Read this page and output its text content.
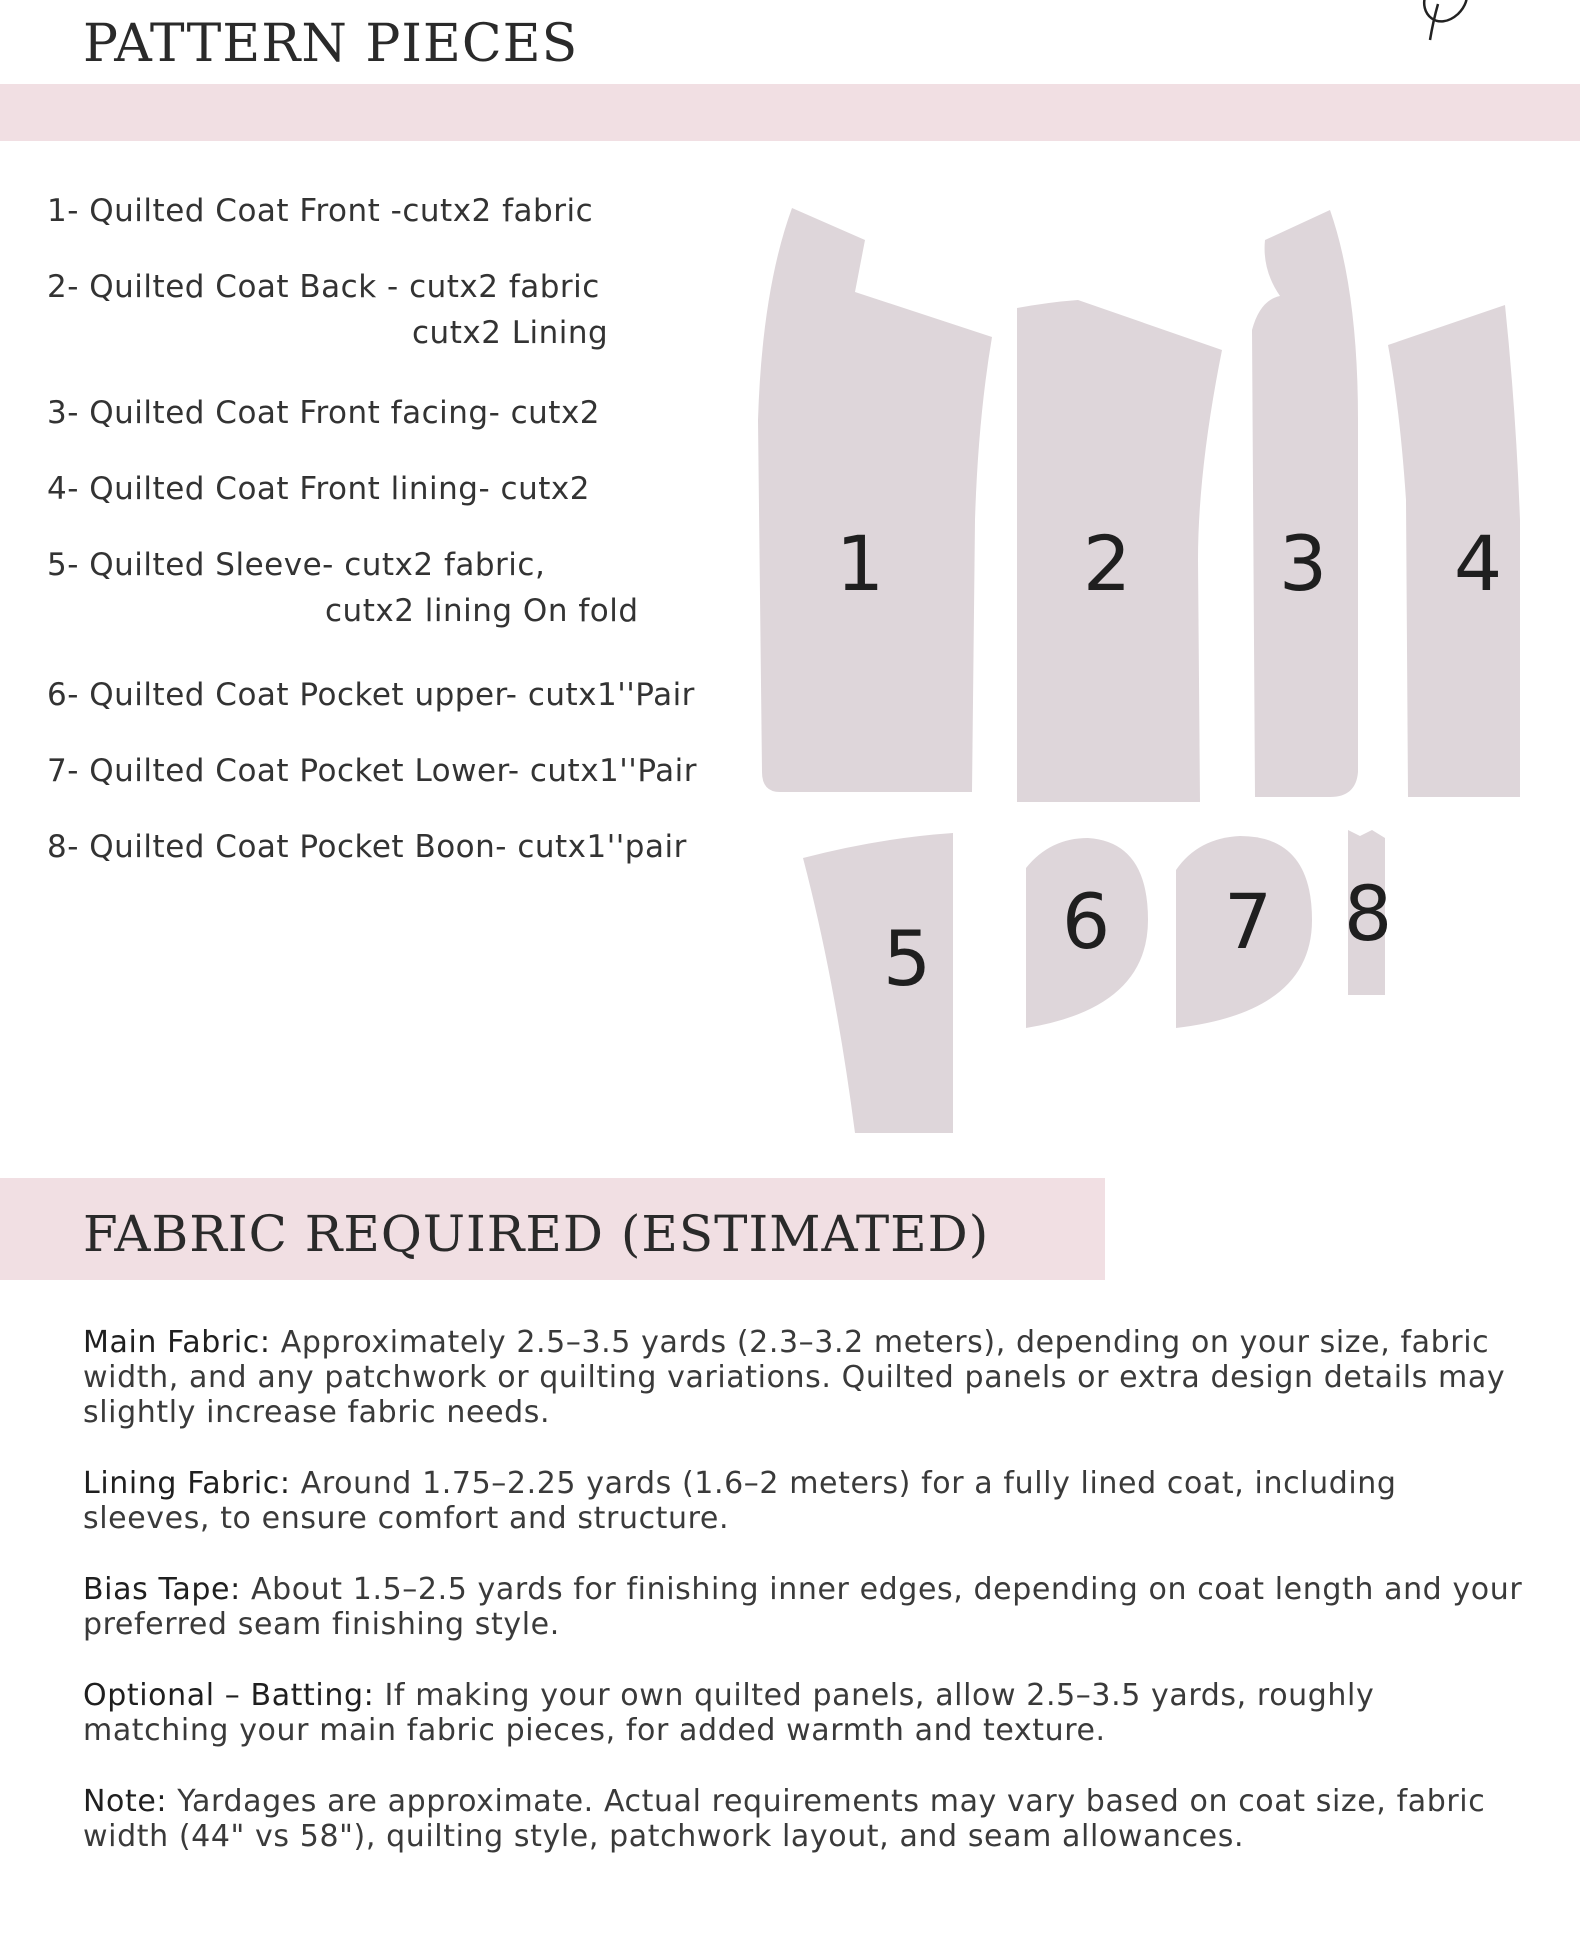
PATTERN PIECES
1- Quilted Coat Front -cutx2 fabric
2- Quilted Coat Back - cutx2 fabric
cutx2 Lining
3- Quilted Coat Front facing- cutx2
4- Quilted Coat Front lining- cutx2
5- Quilted Sleeve- cutx2 fabric,
cutx2 lining On fold
6- Quilted Coat Pocket upper- cutx1''Pair
7- Quilted Coat Pocket Lower- cutx1''Pair
8- Quilted Coat Pocket Boon- cutx1''pair
1	2 3 4
5 6 7 8
FABRIC REQUIRED (ESTIMATED)

Main Fabric: Approximately 2.5–3.5 yards (2.3–3.2 meters), depending on your size, fabric width, and any patchwork or quilting variations. Quilted panels or extra design details may slightly increase fabric needs.

Lining Fabric: Around 1.75–2.25 yards (1.6–2 meters) for a fully lined coat, including sleeves, to ensure comfort and structure.

Bias Tape: About 1.5–2.5 yards for finishing inner edges, depending on coat length and your preferred seam finishing style.

Optional – Batting: If making your own quilted panels, allow 2.5–3.5 yards, roughly matching your main fabric pieces, for added warmth and texture.

Note: Yardages are approximate. Actual requirements may vary based on coat size, fabric width (44" vs 58"), quilting style, patchwork layout, and seam allowances.
